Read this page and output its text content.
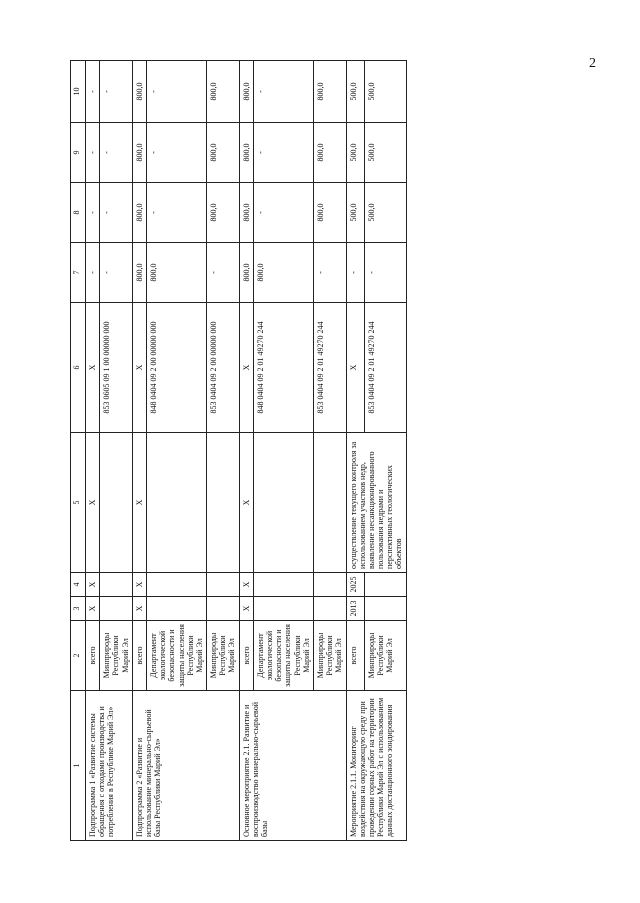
2
1	2	3	4	5	6	7	8	9	10
Подпрограмма 1 «Развитие системы обращения с отходами производства и потребления в Республике Марий Эл»	всего	X	X	X	X	-	-	-	-
	Минприроды Республики Марий Эл				853 0605 09 1 00 00000 000	-	-	-	-
Подпрограмма 2 «Развитие и использование минерально-сырьевой базы Республики Марий Эл»	всего	X	X	X	X	800,0	800,0	800,0	800,0
	Департамент экологической безопасности и защиты населения Республики Марий Эл				848 0404 09 2 00 00000 000	800,0	-	-	-
	Минприроды Республики Марий Эл				853 0404 09 2 00 00000 000	-	800,0	800,0	800,0
Основное мероприятие 2.1. Развитие и воспроизводство минерально-сырьевой базы	всего	X	X	X	X	800,0	800,0	800,0	800,0
	Департамент экологической безопасности и защиты населения Республики Марий Эл				848 0404 09 2 01 49270 244	800,0	-	-	-
	Минприроды Республики Марий Эл				853 0404 09 2 01 49270 244	-	800,0	800,0	800,0
Мероприятие 2.1.1. Мониторинг воздействия на окружающую среду при проведении горных работ на территории Республики Марий Эл с использованием данных дистанционного зондирования	всего	2013	2025	осуществление текущего контроля за использованием участков недр, выявление несанкционированного пользования недрами и перспективных геологических объектов	X	-	500,0	500,0	500,0
	Минприроды Республики Марий Эл				853 0404 09 2 01 49270 244	-	500,0	500,0	500,0
